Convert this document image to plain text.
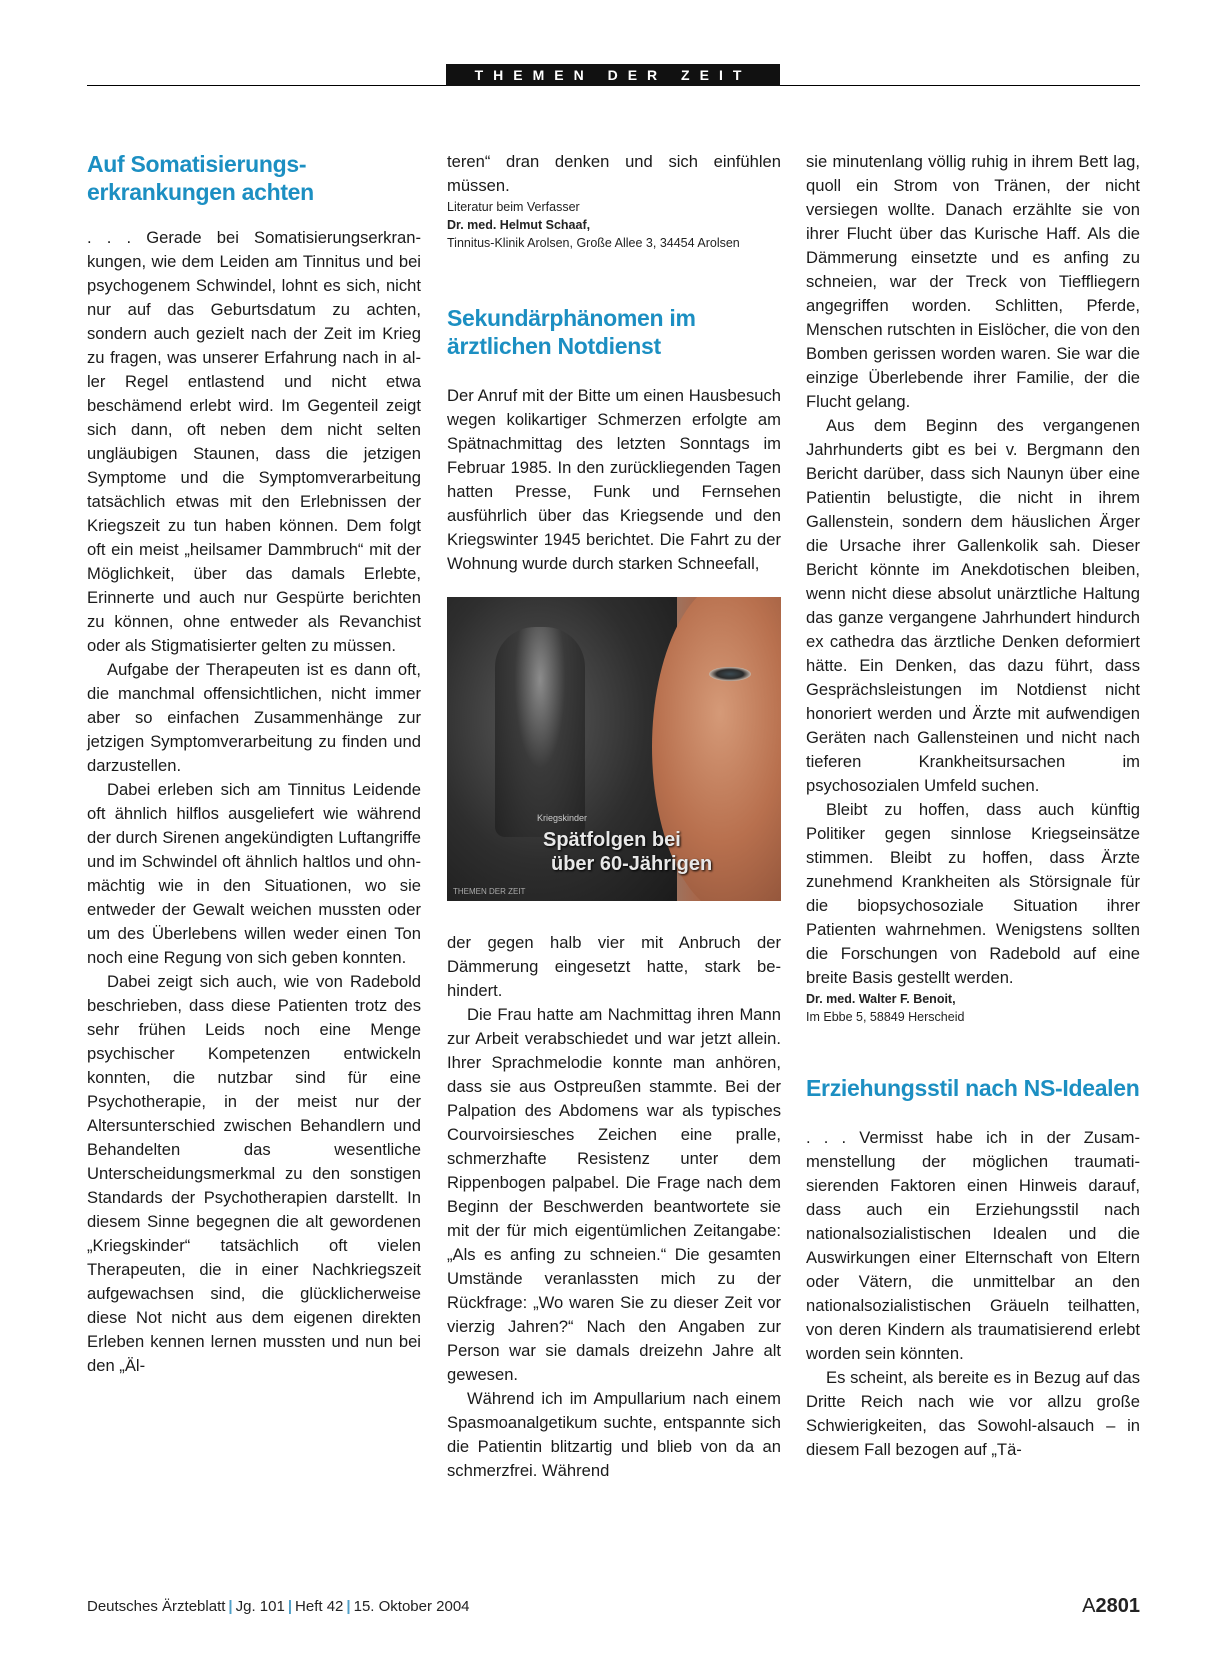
THEMEN DER ZEIT
Auf Somatisierungs-
erkrankungen achten

. . . Gerade bei Somatisierungserkrankungen, wie dem Leiden am Tinnitus und bei psychogenem Schwindel, lohnt es sich, nicht nur auf das Geburtsdatum zu achten, sondern auch gezielt nach der Zeit im Krieg zu fragen, was unserer Erfahrung nach in aller Regel entlastend und nicht etwa beschämend erlebt wird. Im Gegenteil zeigt sich dann, oft neben dem nicht selten ungläubigen Staunen, dass die jetzigen Symptome und die Symptomverarbeitung tatsächlich etwas mit den Erlebnissen der Kriegszeit zu tun haben können. Dem folgt oft ein meist „heilsamer Dammbruch“ mit der Möglichkeit, über das damals Erlebte, Erinnerte und auch nur Gespürte berichten zu können, ohne entweder als Revanchist oder als Stigmatisierter gelten zu müssen.

Aufgabe der Therapeuten ist es dann oft, die manchmal offensichtlichen, nicht immer aber so einfachen Zusammenhänge zur jetzigen Symptomverarbeitung zu finden und darzustellen.

Dabei erleben sich am Tinnitus Leidende oft ähnlich hilflos ausgeliefert wie während der durch Sirenen angekündigten Luftangriffe und im Schwindel oft ähnlich haltlos und ohnmächtig wie in den Situationen, wo sie entweder der Gewalt weichen mussten oder um des Überlebens willen weder einen Ton noch eine Regung von sich geben konnten.

Dabei zeigt sich auch, wie von Radebold beschrieben, dass diese Patienten trotz des sehr frühen Leids noch eine Menge psychischer Kompetenzen entwickeln konnten, die nutzbar sind für eine Psychotherapie, in der meist nur der Altersunterschied zwischen Behandlern und Behandelten das wesentliche Unterscheidungsmerkmal zu den sonstigen Standards der Psychotherapien darstellt. In diesem Sinne begegnen die alt gewordenen „Kriegskinder“ tatsächlich oft vielen Therapeuten, die in einer Nachkriegszeit aufgewachsen sind, die glücklicherweise diese Not nicht aus dem eigenen direkten Erleben kennen lernen mussten und nun bei den „Äl-

teren“ dran denken und sich einfühlen müssen.

Literatur beim Verfasser
Dr. med. Helmut Schaaf,
Tinnitus-Klinik Arolsen, Große Allee 3, 34454 Arolsen
Sekundärphänomen im
ärztlichen Notdienst

Der Anruf mit der Bitte um einen Hausbesuch wegen kolikartiger Schmerzen erfolgte am Spätnachmittag des letzten Sonntags im Februar 1985. In den zurückliegenden Tagen hatten Presse, Funk und Fernsehen ausführlich über das Kriegsende und den Kriegswinter 1945 berichtet. Die Fahrt zu der Wohnung wurde durch starken Schneefall,

Kriegskinder
Spätfolgen bei
über 60-Jährigen
THEMEN DER ZEIT

der gegen halb vier mit Anbruch der Dämmerung eingesetzt hatte, stark behindert.

Die Frau hatte am Nachmittag ihren Mann zur Arbeit verabschiedet und war jetzt allein. Ihrer Sprachmelodie konnte man anhören, dass sie aus Ostpreußen stammte. Bei der Palpation des Abdomens war als typisches Courvoirsiesches Zeichen eine pralle, schmerzhafte Resistenz unter dem Rippenbogen palpabel. Die Frage nach dem Beginn der Beschwerden beantwortete sie mit der für mich eigentümlichen Zeitangabe: „Als es anfing zu schneien.“ Die gesamten Umstände veranlassten mich zu der Rückfrage: „Wo waren Sie zu dieser Zeit vor vierzig Jahren?“ Nach den Angaben zur Person war sie damals dreizehn Jahre alt gewesen.

Während ich im Ampullarium nach einem Spasmoanalgetikum suchte, entspannte sich die Patientin blitzartig und blieb von da an schmerzfrei. Während

sie minutenlang völlig ruhig in ihrem Bett lag, quoll ein Strom von Tränen, der nicht versiegen wollte. Danach erzählte sie von ihrer Flucht über das Kurische Haff. Als die Dämmerung einsetzte und es anfing zu schneien, war der Treck von Tieffliegern angegriffen worden. Schlitten, Pferde, Menschen rutschten in Eislöcher, die von den Bomben gerissen worden waren. Sie war die einzige Überlebende ihrer Familie, der die Flucht gelang.

Aus dem Beginn des vergangenen Jahrhunderts gibt es bei v. Bergmann den Bericht darüber, dass sich Naunyn über eine Patientin belustigte, die nicht in ihrem Gallenstein, sondern dem häuslichen Ärger die Ursache ihrer Gallenkolik sah. Dieser Bericht könnte im Anekdotischen bleiben, wenn nicht diese absolut unärztliche Haltung das ganze vergangene Jahrhundert hindurch ex cathedra das ärztliche Denken deformiert hätte. Ein Denken, das dazu führt, dass Gesprächsleistungen im Notdienst nicht honoriert werden und Ärzte mit aufwendigen Geräten nach Gallensteinen und nicht nach tieferen Krankheitsursachen im psychosozialen Umfeld suchen.

Bleibt zu hoffen, dass auch künftig Politiker gegen sinnlose Kriegseinsätze stimmen. Bleibt zu hoffen, dass Ärzte zunehmend Krankheiten als Störsignale für die biopsychosoziale Situation ihrer Patienten wahrnehmen. Wenigstens sollten die Forschungen von Radebold auf eine breite Basis gestellt werden.

Dr. med. Walter F. Benoit,
Im Ebbe 5, 58849 Herscheid
Erziehungsstil nach NS-Idealen

. . . Vermisst habe ich in der Zusammenstellung der möglichen traumatisierenden Faktoren einen Hinweis darauf, dass auch ein Erziehungsstil nach nationalsozialistischen Idealen und die Auswirkungen einer Elternschaft von Eltern oder Vätern, die unmittelbar an den nationalsozialistischen Gräueln teilhatten, von deren Kindern als traumatisierend erlebt worden sein könnten.

Es scheint, als bereite es in Bezug auf das Dritte Reich nach wie vor allzu große Schwierigkeiten, das Sowohl-alsauch – in diesem Fall bezogen auf „Tä-

Deutsches Ärzteblatt | Jg. 101 | Heft 42 | 15. Oktober 2004	A2801
